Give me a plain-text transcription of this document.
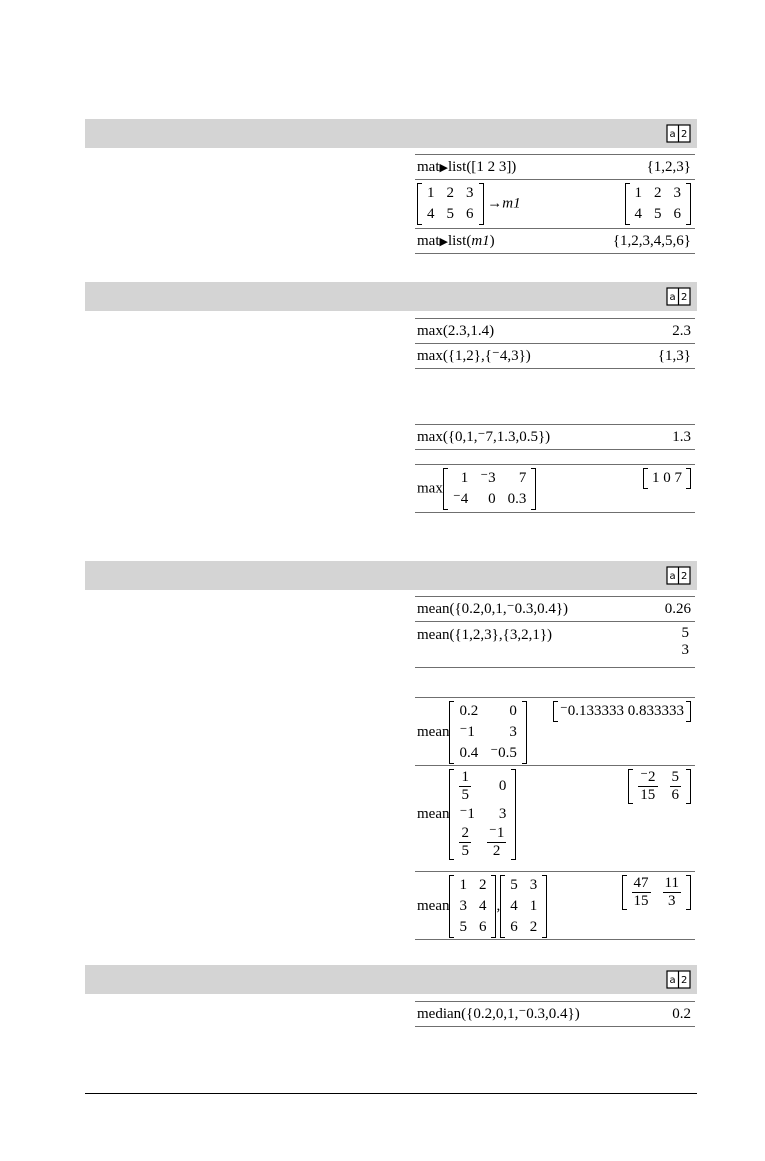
a 2
a 2
a 2
a 2
mat▶list([1 2 3])	{1,2,3}
1	2	3
4	5	6
→m1
1	2	3
4	5	6
mat▶list(m1)	{1,2,3,4,5,6}
max(2.3,1.4)	2.3
max({1,2},{⁻4,3})	{1,3}
max({0,1,⁻7,1.3,0.5})	1.3
max
1	⁻3	7
⁻4	0	0.3
1 0 7
mean({0.2,0,1,⁻0.3,0.4})	0.26
mean({1,2,3},{3,2,1})	5
3
mean
0.2	0
⁻1	3
0.4	⁻0.5
⁻0.133333 0.833333
mean
$\frac{1}{5}$	0
⁻1	3

$\frac{2}{5}$	$\frac{^-1}{2}$
$\frac{^-2}{15}$	$\frac{5}{6}$
mean
1	2
3	4
5	6
,
5	3
4	1
6	2
$\frac{47}{15}$	$\frac{11}{3}$
median({0.2,0,1,⁻0.3,0.4})	0.2
